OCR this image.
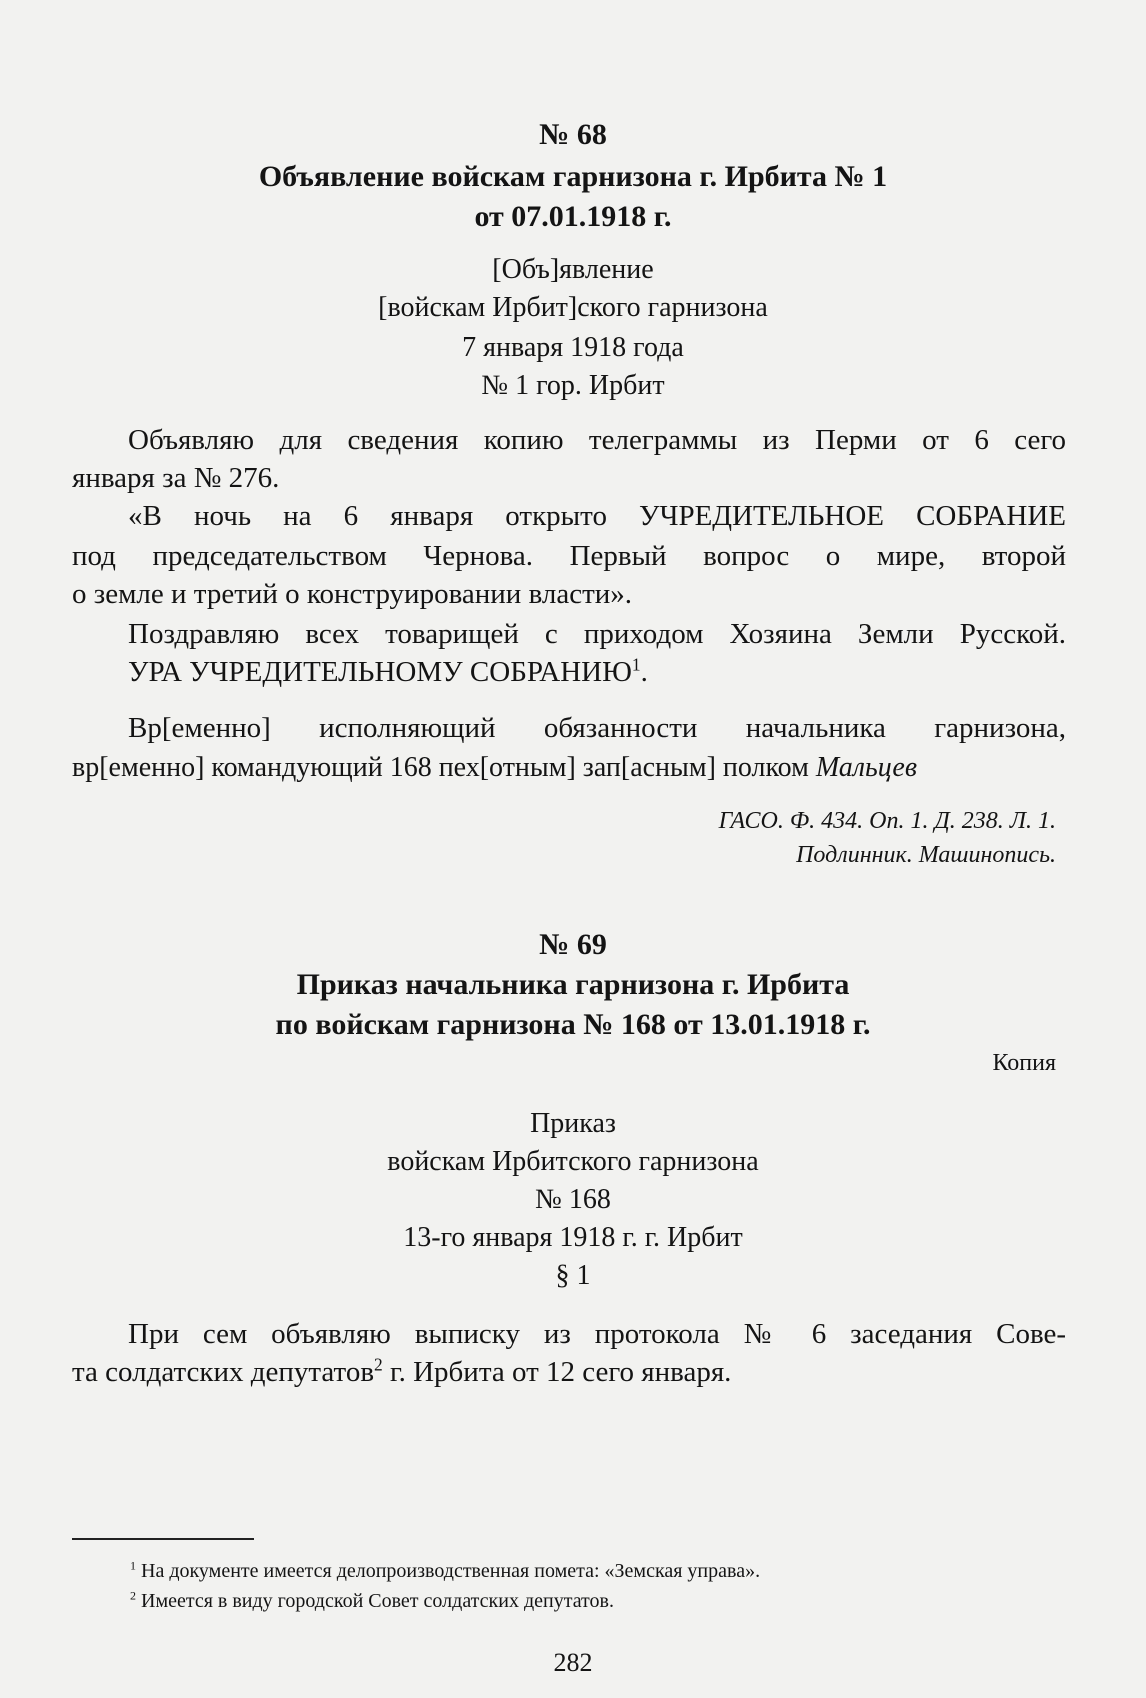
№ 68
Объявление войскам гарнизона г. Ирбита № 1
от 07.01.1918 г.
[Объ]явление
[войскам Ирбит]ского гарнизона
7 января 1918 года
№ 1 гор. Ирбит
Объявляю для сведения копию телеграммы из Перми от 6 сего
января за № 276.
«В ночь на 6 января открыто УЧРЕДИТЕЛЬНОЕ СОБРАНИЕ
под председательством Чернова. Первый вопрос о мире, второй
о земле и третий о конструировании власти».
Поздравляю всех товарищей с приходом Хозяина Земли Русской.
УРА УЧРЕДИТЕЛЬНОМУ СОБРАНИЮ$^1$.
Вр[еменно] исполняющий обязанности начальника гарнизона,
вр[еменно] командующий 168 пех[отным] зап[асным] полком Мальцев
ГАСО. Ф. 434. Оп. 1. Д. 238. Л. 1.
Подлинник. Машинопись.
№ 69
Приказ начальника гарнизона г. Ирбита
по войскам гарнизона № 168 от 13.01.1918 г.
Копия
Приказ
войскам Ирбитского гарнизона
№ 168
13-го января 1918 г. г. Ирбит
§ 1
При сем объявляю выписку из протокола № 6 заседания Сове-
та солдатских депутатов$^2$ г. Ирбита от 12 сего января.
$^1$ На документе имеется делопроизводственная помета: «Земская управа».
$^2$ Имеется в виду городской Совет солдатских депутатов.
282
